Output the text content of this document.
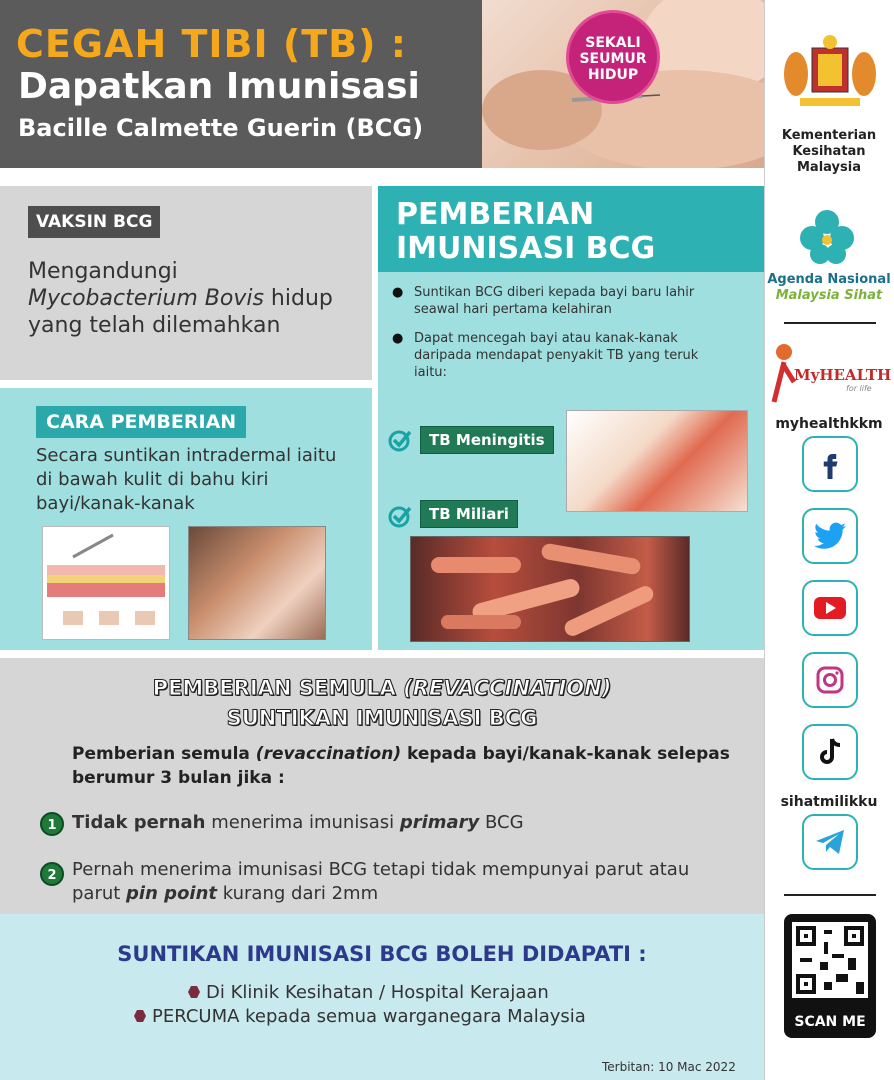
CEGAH TIBI (TB) :
Dapatkan Imunisasi
Bacille Calmette Guerin (BCG)
SEKALI
SEUMUR
HIDUP
VAKSIN BCG
Mengandungi
Mycobacterium Bovis hidup
yang telah dilemahkan
PEMBERIAN
IMUNISASI BCG
● Suntikan BCG diberi kepada bayi baru lahir seawal hari pertama kelahiran
● Dapat mencegah bayi atau kanak-kanak daripada mendapat penyakit TB yang teruk iaitu:
CARA PEMBERIAN
Secara suntikan intradermal iaitu di bawah kulit di bahu kiri bayi/kanak-kanak
TB Meningitis
TB Miliari
PEMBERIAN SEMULA (REVACCINATION)
SUNTIKAN IMUNISASI BCG
Pemberian semula (revaccination) kepada bayi/kanak-kanak selepas berumur 3 bulan jika :
1 Tidak pernah menerima imunisasi primary BCG
2 Pernah menerima imunisasi BCG tetapi tidak mempunyai parut atau parut pin point kurang dari 2mm
SUNTIKAN IMUNISASI BCG BOLEH DIDAPATI :
Di Klinik Kesihatan / Hospital Kerajaan
PERCUMA kepada semua warganegara Malaysia
Terbitan: 10 Mac 2022
Kementerian
Kesihatan
Malaysia
Agenda Nasional
Malaysia Sihat
MyHEALTH
for life
myhealthkkm
sihatmilikku
SCAN ME
